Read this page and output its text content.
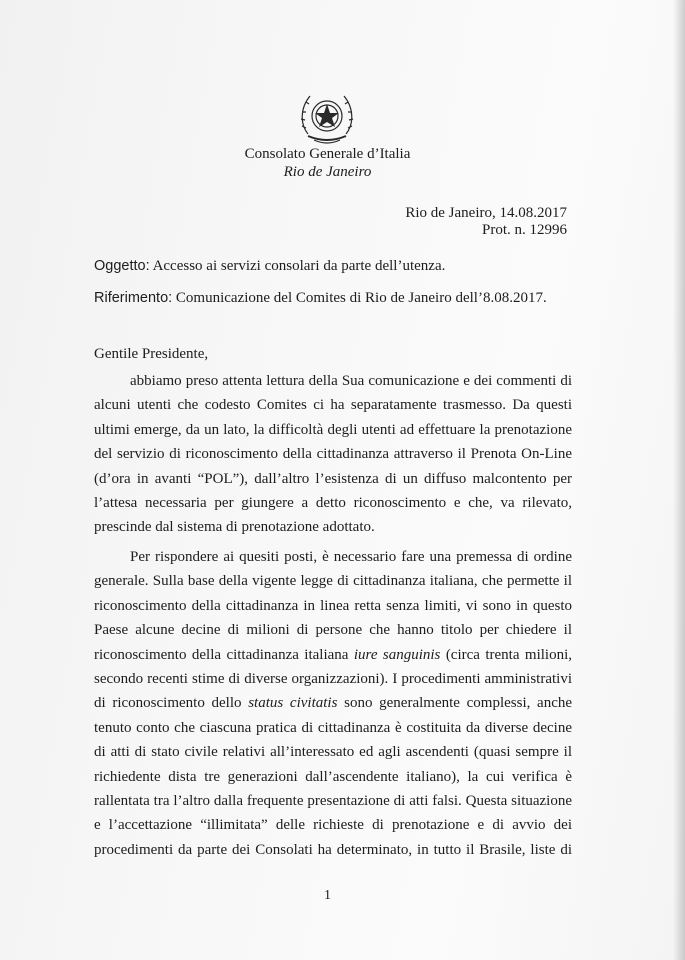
Consolato Generale d’Italia
Rio de Janeiro
Rio de Janeiro, 14.08.2017
Prot. n. 12996
Oggetto: Accesso ai servizi consolari da parte dell’utenza.
Riferimento: Comunicazione del Comites di Rio de Janeiro dell’8.08.2017.
Gentile Presidente,
abbiamo preso attenta lettura della Sua comunicazione e dei commenti di
alcuni utenti che codesto Comites ci ha separatamente trasmesso. Da questi
ultimi emerge, da un lato, la difficoltà degli utenti ad effettuare la prenotazione
del servizio di riconoscimento della cittadinanza attraverso il Prenota On-Line
(d’ora in avanti “POL”), dall’altro l’esistenza di un diffuso malcontento per
l’attesa necessaria per giungere a detto riconoscimento e che, va rilevato,
prescinde dal sistema di prenotazione adottato.
Per rispondere ai quesiti posti, è necessario fare una premessa di ordine
generale. Sulla base della vigente legge di cittadinanza italiana, che permette il
riconoscimento della cittadinanza in linea retta senza limiti, vi sono in questo
Paese alcune decine di milioni di persone che hanno titolo per chiedere il
riconoscimento della cittadinanza italiana iure sanguinis (circa trenta milioni,
secondo recenti stime di diverse organizzazioni). I procedimenti amministrativi
di riconoscimento dello status civitatis sono generalmente complessi, anche
tenuto conto che ciascuna pratica di cittadinanza è costituita da diverse decine
di atti di stato civile relativi all’interessato ed agli ascendenti (quasi sempre il
richiedente dista tre generazioni dall’ascendente italiano), la cui verifica è
rallentata tra l’altro dalla frequente presentazione di atti falsi. Questa situazione
e l’accettazione “illimitata” delle richieste di prenotazione e di avvio dei
procedimenti da parte dei Consolati ha determinato, in tutto il Brasile, liste di
1
